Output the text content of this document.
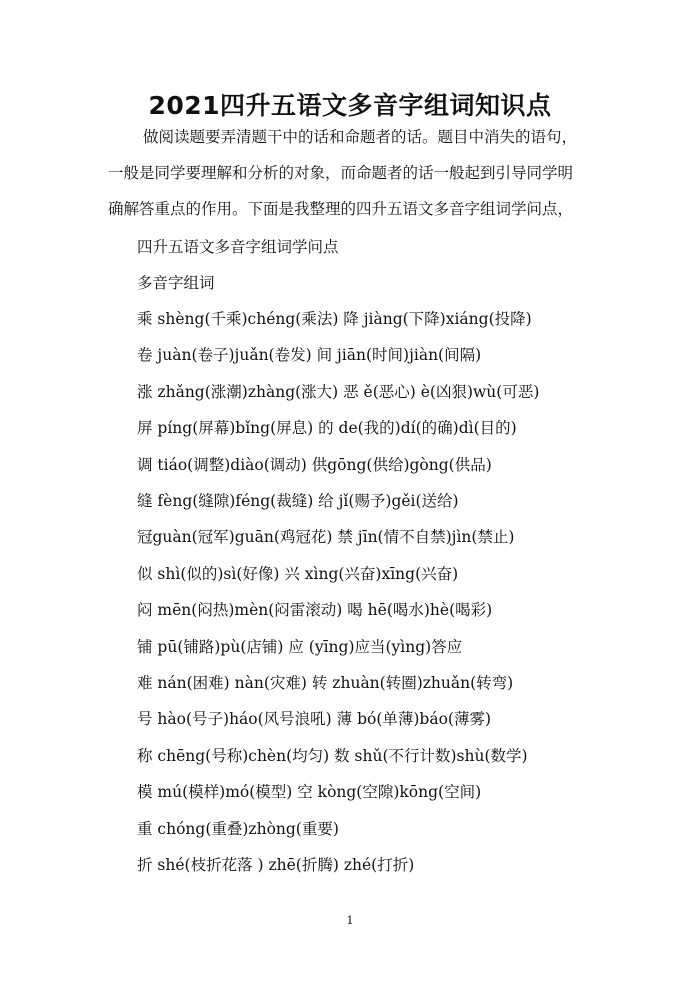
2021四升五语文多音字组词知识点
做阅读题要弄清题干中的话和命题者的话。题目中消失的语句，
一般是同学要理解和分析的对象，而命题者的话一般起到引导同学明
确解答重点的作用。下面是我整理的四升五语文多音字组词学问点，
四升五语文多音字组词学问点
多音字组词
乘 shèng(千乘)chéng(乘法) 降 jiàng(下降)xiáng(投降)
卷 juàn(卷子)juǎn(卷发) 间 jiān(时间)jiàn(间隔)
涨 zhǎng(涨潮)zhàng(涨大) 恶 ě(恶心) è(凶狠)wù(可恶)
屏 píng(屏幕)bǐng(屏息) 的 de(我的)dí(的确)dì(目的)
调 tiáo(调整)diào(调动) 供gōng(供给)gòng(供品)
缝 fèng(缝隙)féng(裁缝) 给 jǐ(赐予)gěi(送给)
冠guàn(冠军)guān(鸡冠花) 禁 jīn(情不自禁)jìn(禁止)
似 shì(似的)sì(好像) 兴 xìng(兴奋)xīng(兴奋)
闷 mēn(闷热)mèn(闷雷滚动) 喝 hē(喝水)hè(喝彩)
铺 pū(铺路)pù(店铺) 应 (yīng)应当(yìng)答应
难 nán(困难) nàn(灾难) 转 zhuàn(转圈)zhuǎn(转弯)
号 hào(号子)háo(风号浪吼) 薄 bó(单薄)báo(薄雾)
称 chēng(号称)chèn(均匀) 数 shǔ(不行计数)shù(数学)
模 mú(模样)mó(模型) 空 kòng(空隙)kōng(空间)
重 chóng(重叠)zhòng(重要)
折 shé(枝折花落 ) zhē(折腾) zhé(打折)
1
